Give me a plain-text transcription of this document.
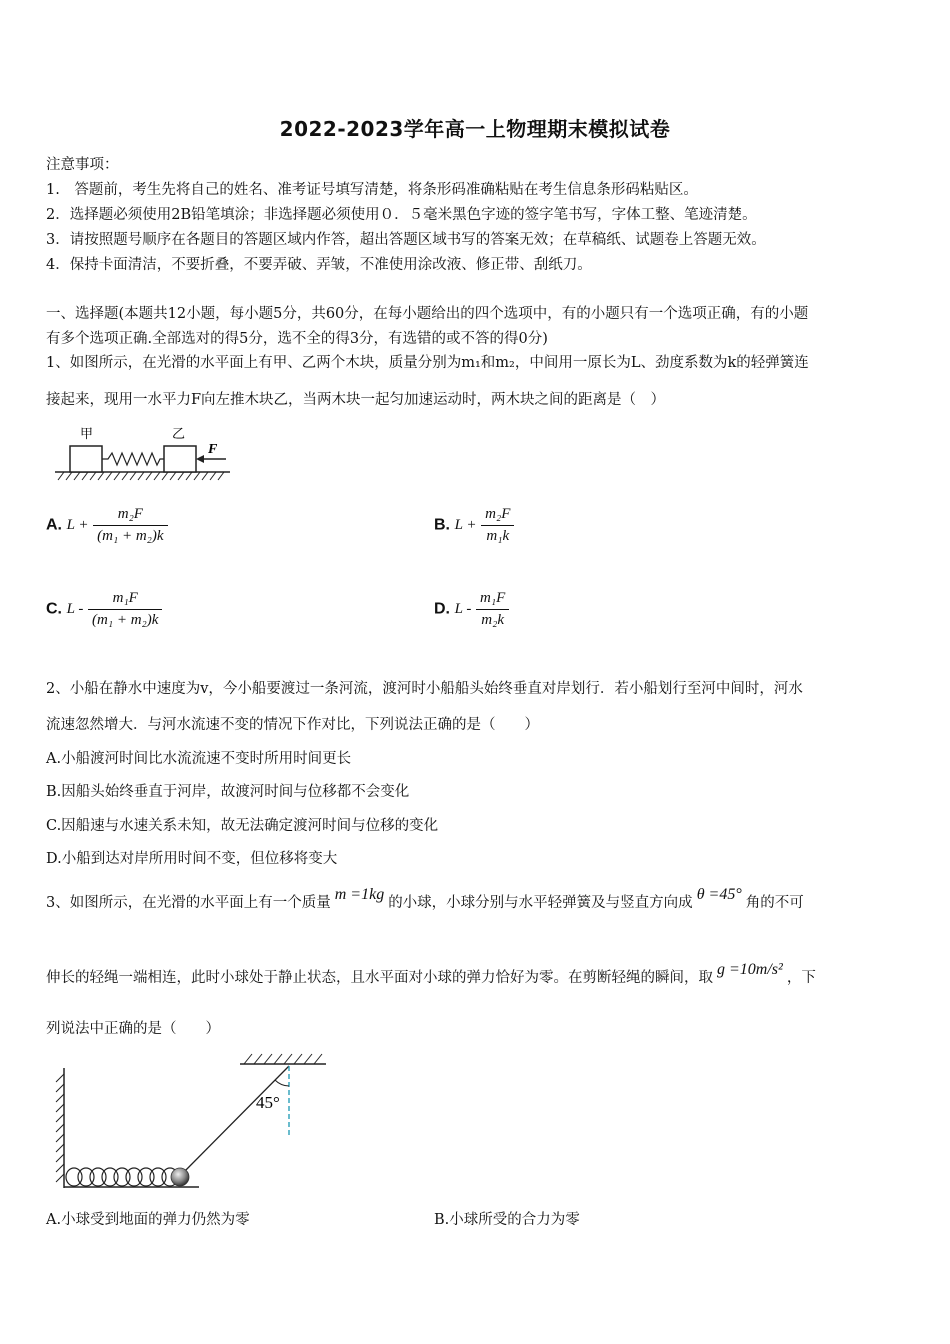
2022-2023学年高一上物理期末模拟试卷
注意事项：
1.　答题前，考生先将自己的姓名、准考证号填写清楚，将条形码准确粘贴在考生信息条形码粘贴区。
2．选择题必须使用2B铅笔填涂；非选择题必须使用０．５毫米黑色字迹的签字笔书写，字体工整、笔迹清楚。
3．请按照题号顺序在各题目的答题区域内作答，超出答题区域书写的答案无效；在草稿纸、试题卷上答题无效。
4．保持卡面清洁，不要折叠，不要弄破、弄皱，不准使用涂改液、修正带、刮纸刀。
一、选择题(本题共12小题，每小题5分，共60分，在每小题给出的四个选项中，有的小题只有一个选项正确，有的小题
有多个选项正确.全部选对的得5分，选不全的得3分，有选错的或不答的得0分)
1、如图所示，在光滑的水平面上有甲、乙两个木块，质量分别为m₁和m₂，中间用一原长为L、劲度系数为k的轻弹簧连
接起来，现用一水平力F向左推木块乙，当两木块一起匀加速运动时，两木块之间的距离是（　）
甲	乙
F
A. $L + \frac{\text{m₂F}}{\text{(m₁ + m₂)k}}$	B. $L + \frac{\text{m₂F}}{\text{m₁k}}$
C. L - $\frac{\text{m₁F}}{\text{(m₁ + m₂)k}}$	D. L - $\frac{\text{m₁F}}{\text{m₂k}}$
2、小船在静水中速度为v，今小船要渡过一条河流，渡河时小船船头始终垂直对岸划行．若小船划行至河中间时，河水
流速忽然增大．与河水流速不变的情况下作对比，下列说法正确的是（　　）
A.小船渡河时间比水流流速不变时所用时间更长
B.因船头始终垂直于河岸，故渡河时间与位移都不会变化
C.因船速与水速关系未知，故无法确定渡河时间与位移的变化
D.小船到达对岸所用时间不变，但位移将变大
3、如图所示，在光滑的水平面上有一个质量 m =1kg 的小球，小球分别与水平轻弹簧及与竖直方向成 θ =45° 角的不可
伸长的轻绳一端相连，此时小球处于静止状态，且水平面对小球的弹力恰好为零。在剪断轻绳的瞬间，取 g =10m/s² ，下
列说法中正确的是（　　）
45°
A.小球受到地面的弹力仍然为零	B.小球所受的合力为零
